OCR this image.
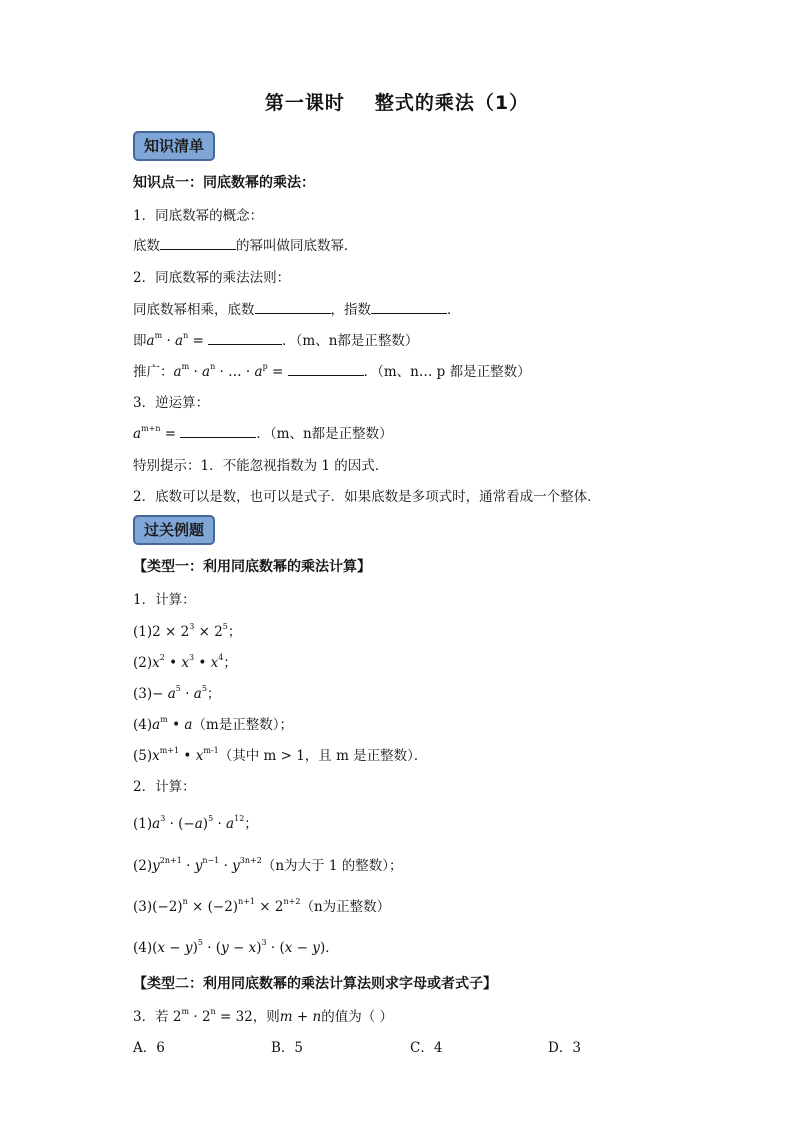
第一课时 整式的乘法（1）
知识清单
知识点一：同底数幂的乘法：
1．同底数幂的概念：
底数	的幂叫做同底数幂．
2．同底数幂的乘法法则：
同底数幂相乘，底数	，指数	．
即$a^m \cdot a^n$ =	．（m、n都是正整数）
推广：$a^m \cdot a^n$ · … · $a^p$ =	．（m、n… p 都是正整数）
3．逆运算：
$a^{m+n}$ =	．（m、n都是正整数）
特别提示：1．不能忽视指数为 1 的因式．
2．底数可以是数，也可以是式子．如果底数是多项式时，通常看成一个整体．
过关例题
【类型一：利用同底数幂的乘法计算】
1．计算：
$(1)2 \times 2^3 \times 2^5$；
$(2)x^2$ • $x^3$ • $x^4$；
$(3)- a^5 \cdot a^5$；
$(4)a^m$ • a（m是正整数）；
$(5)x^{m+1}$ • $x^{m-1}$（其中 m > 1，且 m 是正整数）．
2．计算：
$(1)a^3 \cdot (-a)^5 \cdot a^{12}$；
$(2)y^{2n+1} \cdot y^{n-1} \cdot y^{3n+2}(n$为大于 1 的整数）；
$(3)(-2)^n \times (-2)^{n+1} \times 2^{n+2}(n$为正整数）
$(4)(x - y)^5 \cdot (y - x)^3 \cdot (x - y)$．
【类型二：利用同底数幂的乘法计算法则求字母或者式子】
3．若 $2^m \cdot 2^n = 32$，则m + n的值为（ ）
A．6	B．5	C．4	D．3
